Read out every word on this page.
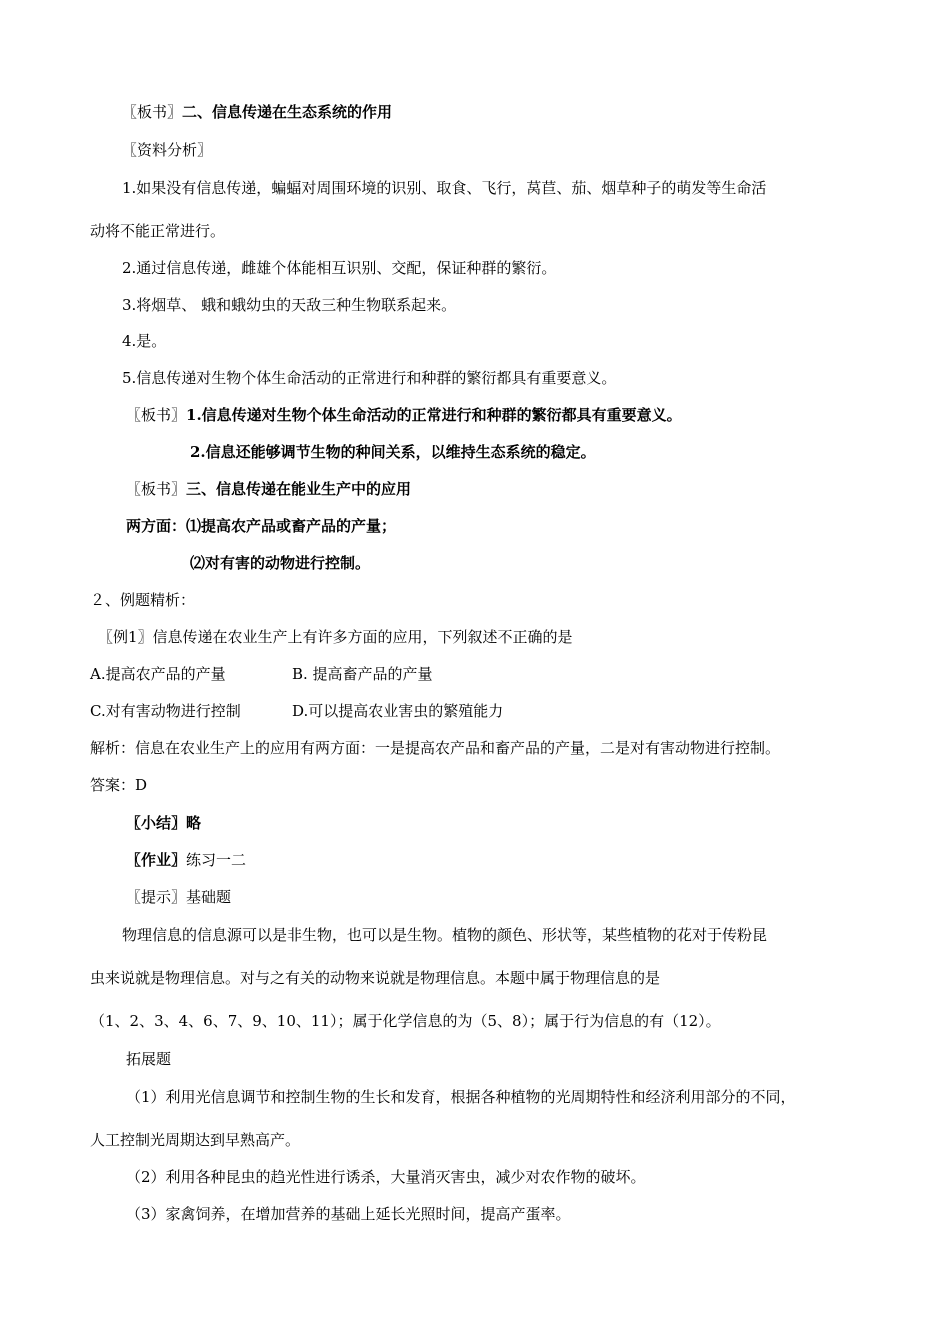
〖板书〗二、信息传递在生态系统的作用
〖资料分析〗
1.如果没有信息传递，蝙蝠对周围环境的识别、取食、飞行，莴苣、茄、烟草种子的萌发等生命活
动将不能正常进行。
2.通过信息传递，雌雄个体能相互识别、交配，保证种群的繁衍。
3.将烟草、 蛾和蛾幼虫的天敌三种生物联系起来。
4.是。
5.信息传递对生物个体生命活动的正常进行和种群的繁衍都具有重要意义。
〖板书〗1.信息传递对生物个体生命活动的正常进行和种群的繁衍都具有重要意义。
2.信息还能够调节生物的种间关系，以维持生态系统的稳定。
〖板书〗三、信息传递在能业生产中的应用
两方面：⑴提高农产品或畜产品的产量；
⑵对有害的动物进行控制。
２、例题精析：
〖例1〗信息传递在农业生产上有许多方面的应用，下列叙述不正确的是
A.提高农产品的产量	B. 提高畜产品的产量
C.对有害动物进行控制	D.可以提高农业害虫的繁殖能力
解析：信息在农业生产上的应用有两方面：一是提高农产品和畜产品的产量，二是对有害动物进行控制。
答案：D
〖小结〗略
〖作业〗练习一二
〖提示〗基础题
物理信息的信息源可以是非生物，也可以是生物。植物的颜色、形状等，某些植物的花对于传粉昆
虫来说就是物理信息。对与之有关的动物来说就是物理信息。本题中属于物理信息的是
（1、2、3、4、6、7、9、10、11）；属于化学信息的为（5、8）；属于行为信息的有（12）。
拓展题
（1）利用光信息调节和控制生物的生长和发育，根据各种植物的光周期特性和经济利用部分的不同，
人工控制光周期达到早熟高产。
（2）利用各种昆虫的趋光性进行诱杀，大量消灭害虫，减少对农作物的破坏。
（3）家禽饲养，在增加营养的基础上延长光照时间，提高产蛋率。
